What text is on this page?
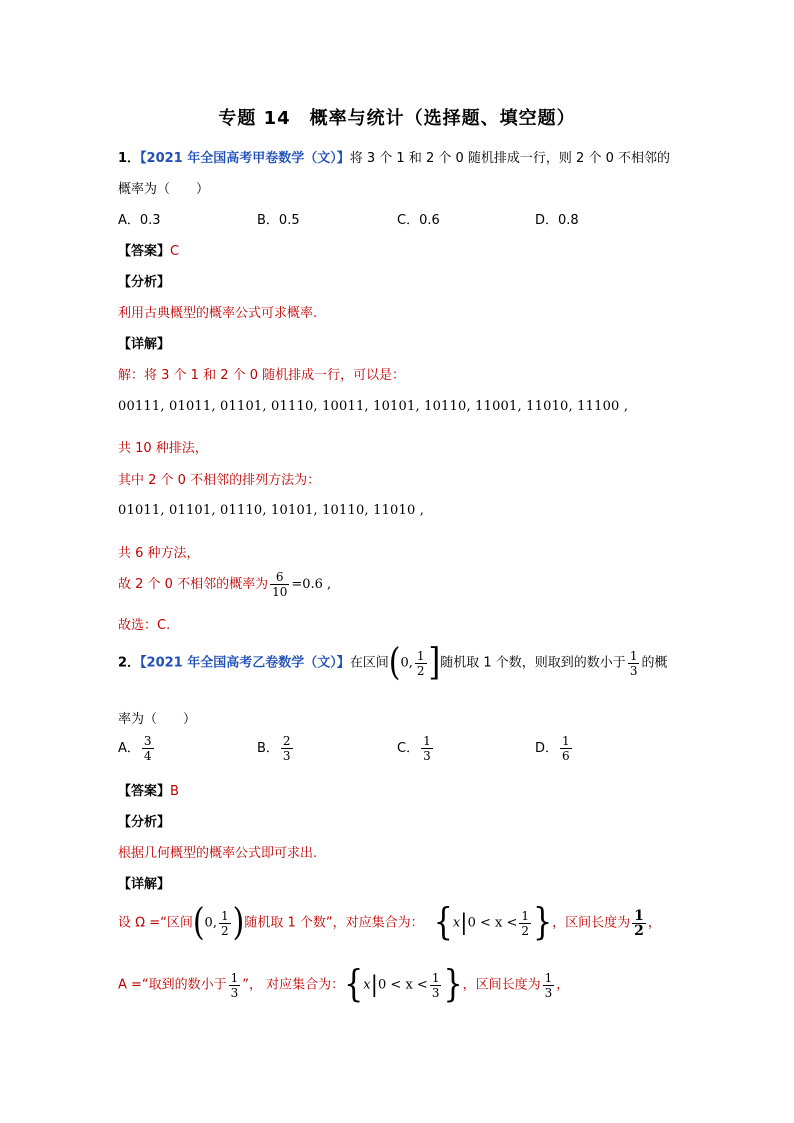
专题 14　概率与统计（选择题、填空题）
1．【2021 年全国高考甲卷数学（文）】将 3 个 1 和 2 个 0 随机排成一行，则 2 个 0 不相邻的
概率为（　　）
A．0.3	B．0.5	C．0.6	D．0.8
【答案】C
【分析】
利用古典概型的概率公式可求概率.
【详解】
解：将 3 个 1 和 2 个 0 随机排成一行，可以是：
00111, 01011, 01101, 01110, 10011, 10101, 10110, 11001, 11010, 11100 ,
共 10 种排法，
其中 2 个 0 不相邻的排列方法为：
01011, 01101, 01110, 10101, 10110, 11010 ,
共 6 种方法，
故 2 个 0 不相邻的概率为 $\frac{6}{10} =0.6$ ,
故选：C.
2．【2021 年全国高考乙卷数学（文）】在区间(0, $\frac{1}{2}$ ]随机取 1 个数，则取到的数小于 $\frac{1}{3}$ 的概
率为（　　）
A． $\frac{3}{4}$	B． $\frac{2}{3}$	C． $\frac{1}{3}$	D． $\frac{1}{6}$
【答案】B
【分析】
根据几何概型的概率公式即可求出.
【详解】
设 Ω =“区间(0, $\frac{1}{2}$ )随机取 1 个数”，对应集合为： {$x|0 < x < \frac{1}{2}$ }，区间长度为 $\frac{1}{2}$ ，
A =“取到的数小于 $\frac{1}{3}$ ”， 对应集合为：{$x|0 < x < \frac{1}{3}$ }，区间长度为 $\frac{1}{3}$ ，
